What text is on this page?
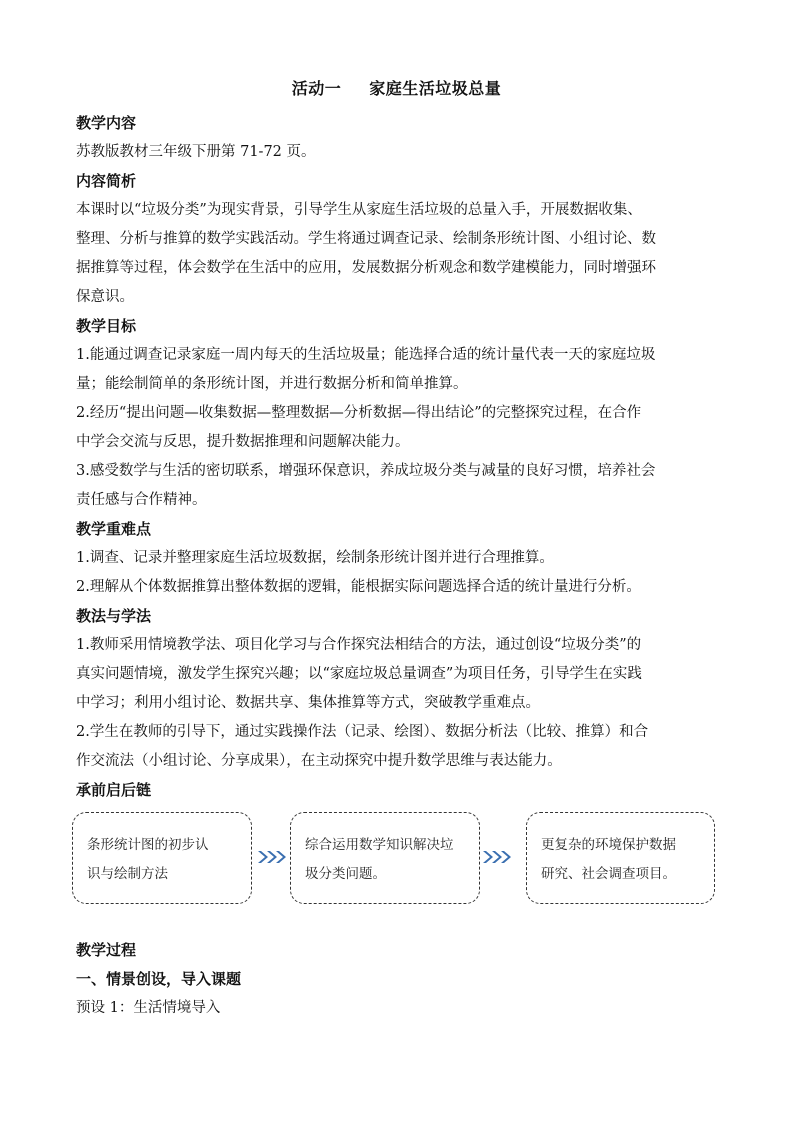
活动一 家庭生活垃圾总量
教学内容
苏教版教材三年级下册第 71-72 页。
内容简析
本课时以“垃圾分类”为现实背景，引导学生从家庭生活垃圾的总量入手，开展数据收集、
整理、分析与推算的数学实践活动。学生将通过调查记录、绘制条形统计图、小组讨论、数
据推算等过程，体会数学在生活中的应用，发展数据分析观念和数学建模能力，同时增强环
保意识。
教学目标
1.能通过调查记录家庭一周内每天的生活垃圾量；能选择合适的统计量代表一天的家庭垃圾
量；能绘制简单的条形统计图，并进行数据分析和简单推算。
2.经历“提出问题—收集数据—整理数据—分析数据—得出结论”的完整探究过程，在合作
中学会交流与反思，提升数据推理和问题解决能力。
3.感受数学与生活的密切联系，增强环保意识，养成垃圾分类与减量的良好习惯，培养社会
责任感与合作精神。
教学重难点
1.调查、记录并整理家庭生活垃圾数据，绘制条形统计图并进行合理推算。
2.理解从个体数据推算出整体数据的逻辑，能根据实际问题选择合适的统计量进行分析。
教法与学法
1.教师采用情境教学法、项目化学习与合作探究法相结合的方法，通过创设“垃圾分类”的
真实问题情境，激发学生探究兴趣；以“家庭垃圾总量调查”为项目任务，引导学生在实践
中学习；利用小组讨论、数据共享、集体推算等方式，突破教学重难点。
2.学生在教师的引导下，通过实践操作法（记录、绘图）、数据分析法（比较、推算）和合
作交流法（小组讨论、分享成果），在主动探究中提升数学思维与表达能力。
承前启后链
条形统计图的初步认
识与绘制方法
综合运用数学知识解决垃
圾分类问题。
更复杂的环境保护数据
研究、社会调查项目。
教学过程
一、情景创设，导入课题
预设 1：生活情境导入
